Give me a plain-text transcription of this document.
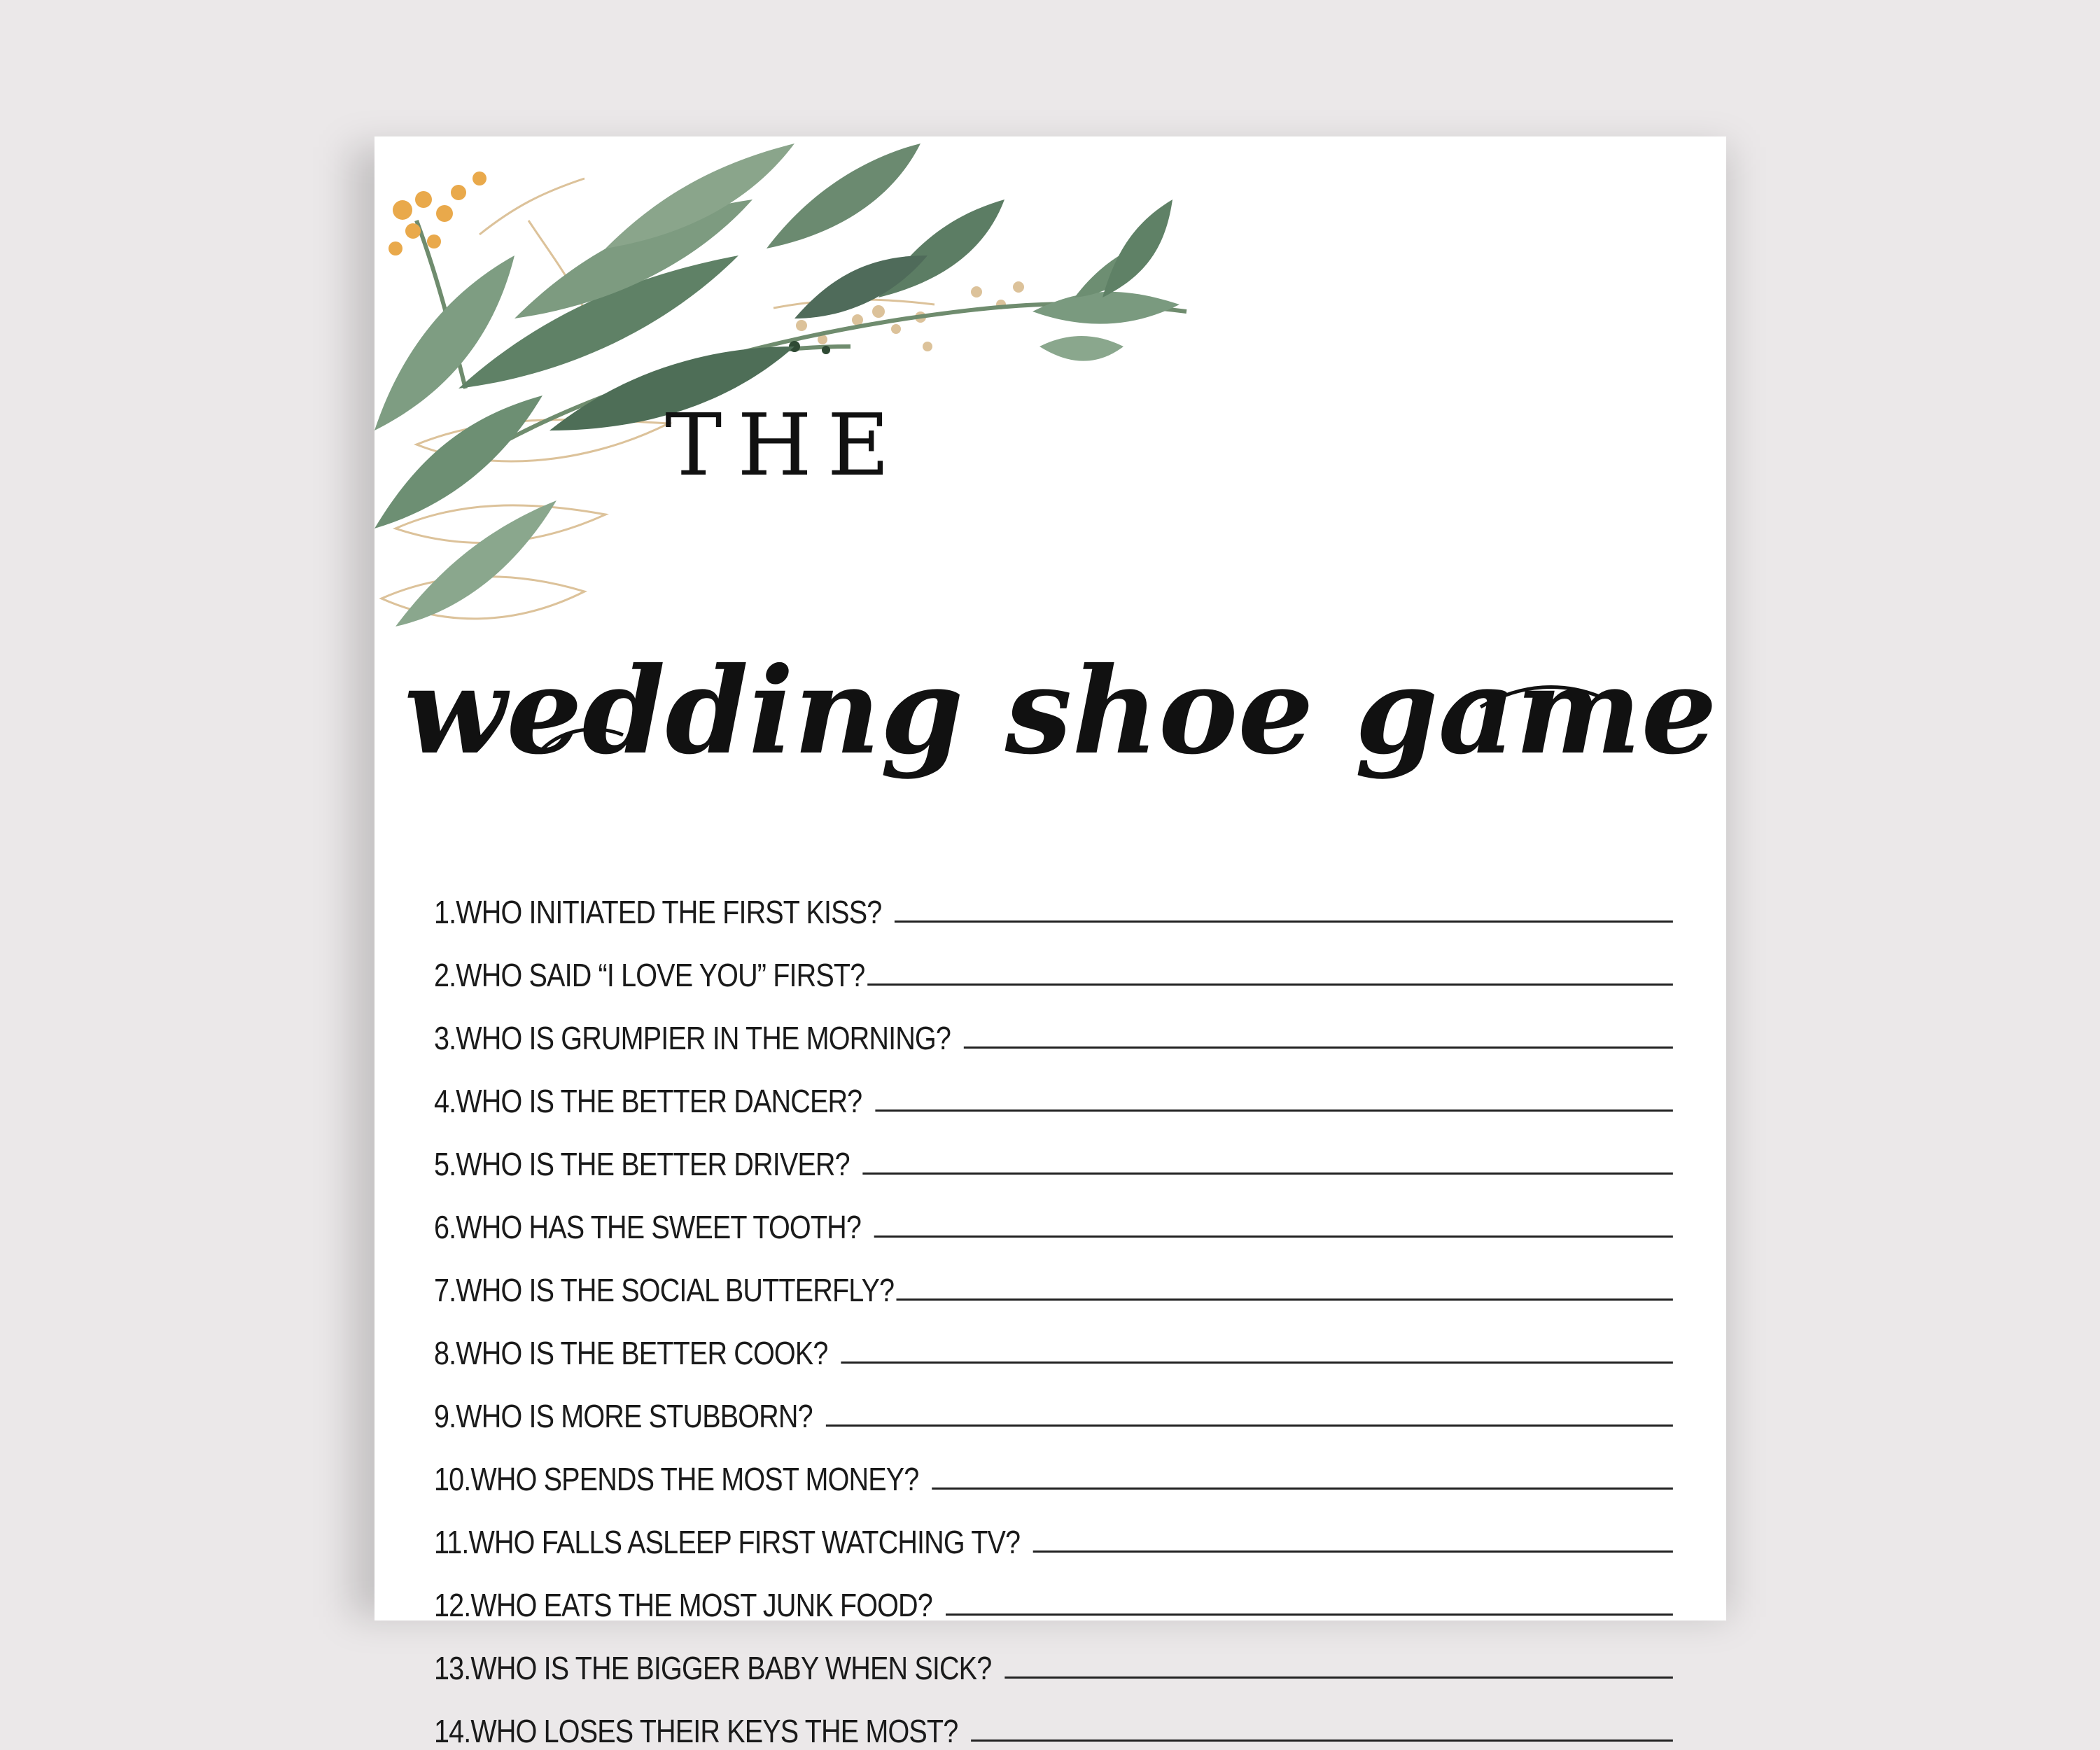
THE
wedding shoe game
1. WHO INITIATED THE FIRST KISS?
2. WHO SAID “I LOVE YOU” FIRST?
3. WHO IS GRUMPIER IN THE MORNING?
4. WHO IS THE BETTER DANCER?
5. WHO IS THE BETTER DRIVER?
6. WHO HAS THE SWEET TOOTH?
7. WHO IS THE SOCIAL BUTTERFLY?
8. WHO IS THE BETTER COOK?
9. WHO IS MORE STUBBORN?
10. WHO SPENDS THE MOST MONEY?
11. WHO FALLS ASLEEP FIRST WATCHING TV?
12. WHO EATS THE MOST JUNK FOOD?
13. WHO IS THE BIGGER BABY WHEN SICK?
14. WHO LOSES THEIR KEYS THE MOST?
